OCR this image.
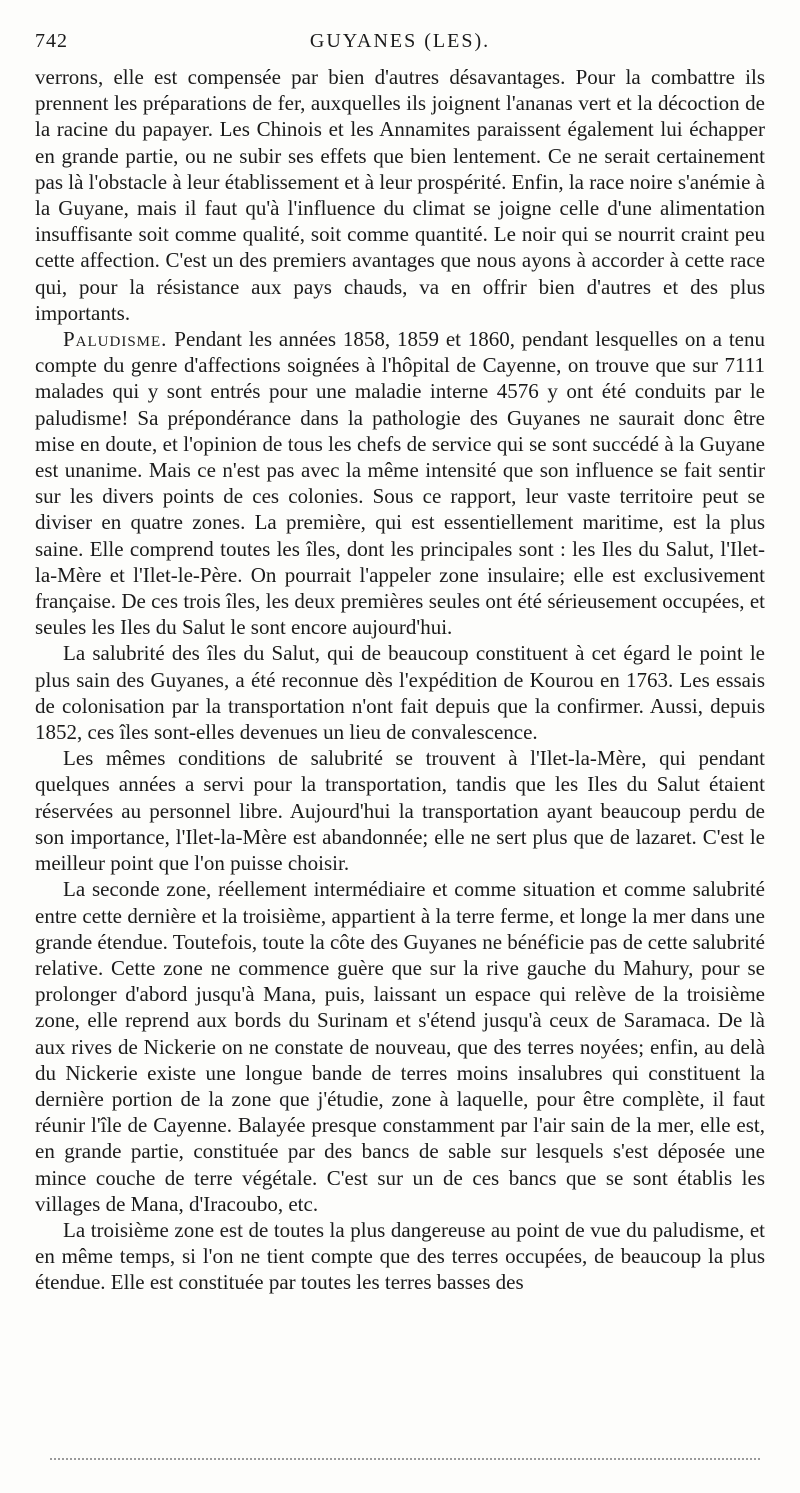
742	GUYANES (LES).

verrons, elle est compensée par bien d'autres désavantages. Pour la combattre ils prennent les préparations de fer, auxquelles ils joignent l'ananas vert et la décoction de la racine du papayer. Les Chinois et les Annamites paraissent également lui échapper en grande partie, ou ne subir ses effets que bien lentement. Ce ne serait certainement pas là l'obstacle à leur établissement et à leur prospérité. Enfin, la race noire s'anémie à la Guyane, mais il faut qu'à l'influence du climat se joigne celle d'une alimentation insuffisante soit comme qualité, soit comme quantité. Le noir qui se nourrit craint peu cette affection. C'est un des premiers avantages que nous ayons à accorder à cette race qui, pour la résistance aux pays chauds, va en offrir bien d'autres et des plus importants.

Paludisme. Pendant les années 1858, 1859 et 1860, pendant lesquelles on a tenu compte du genre d'affections soignées à l'hôpital de Cayenne, on trouve que sur 7111 malades qui y sont entrés pour une maladie interne 4576 y ont été conduits par le paludisme! Sa prépondérance dans la pathologie des Guyanes ne saurait donc être mise en doute, et l'opinion de tous les chefs de service qui se sont succédé à la Guyane est unanime. Mais ce n'est pas avec la même intensité que son influence se fait sentir sur les divers points de ces colonies. Sous ce rapport, leur vaste territoire peut se diviser en quatre zones. La première, qui est essentiellement maritime, est la plus saine. Elle comprend toutes les îles, dont les principales sont : les Iles du Salut, l'Ilet-la-Mère et l'Ilet-le-Père. On pourrait l'appeler zone insulaire; elle est exclusivement française. De ces trois îles, les deux premières seules ont été sérieusement occupées, et seules les Iles du Salut le sont encore aujourd'hui.

La salubrité des îles du Salut, qui de beaucoup constituent à cet égard le point le plus sain des Guyanes, a été reconnue dès l'expédition de Kourou en 1763. Les essais de colonisation par la transportation n'ont fait depuis que la confirmer. Aussi, depuis 1852, ces îles sont-elles devenues un lieu de convalescence.

Les mêmes conditions de salubrité se trouvent à l'Ilet-la-Mère, qui pendant quelques années a servi pour la transportation, tandis que les Iles du Salut étaient réservées au personnel libre. Aujourd'hui la transportation ayant beaucoup perdu de son importance, l'Ilet-la-Mère est abandonnée; elle ne sert plus que de lazaret. C'est le meilleur point que l'on puisse choisir.

La seconde zone, réellement intermédiaire et comme situation et comme salubrité entre cette dernière et la troisième, appartient à la terre ferme, et longe la mer dans une grande étendue. Toutefois, toute la côte des Guyanes ne bénéficie pas de cette salubrité relative. Cette zone ne commence guère que sur la rive gauche du Mahury, pour se prolonger d'abord jusqu'à Mana, puis, laissant un espace qui relève de la troisième zone, elle reprend aux bords du Surinam et s'étend jusqu'à ceux de Saramaca. De là aux rives de Nickerie on ne constate de nouveau, que des terres noyées; enfin, au delà du Nickerie existe une longue bande de terres moins insalubres qui constituent la dernière portion de la zone que j'étudie, zone à laquelle, pour être complète, il faut réunir l'île de Cayenne. Balayée presque constamment par l'air sain de la mer, elle est, en grande partie, constituée par des bancs de sable sur lesquels s'est déposée une mince couche de terre végétale. C'est sur un de ces bancs que se sont établis les villages de Mana, d'Iracoubo, etc.

La troisième zone est de toutes la plus dangereuse au point de vue du paludisme, et en même temps, si l'on ne tient compte que des terres occupées, de beaucoup la plus étendue. Elle est constituée par toutes les terres basses des
